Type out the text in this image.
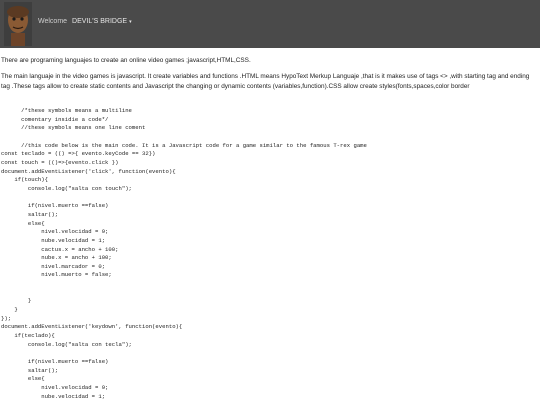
Welcome DEVIL'S BRIDGE ▾

There are programing languajes to create an online video games ;javascript,HTML,CSS.

The main languaje in the video games is javascript. It create variables and functions .HTML means HypoText Merkup Languaje ,that is it makes use of tags <> ,with starting tag and ending tag .These tags allow to create static contents and Javascript the changing or dynamic contents (variables,function).CSS allow create styles(fonts,spaces,color border

/*these symbols means a multiline
comentary insidie a code*/
//these symbols means one line coment

//this code below is the main code. It is a Javascript code for a game similar to the famous T-rex game
const teclado = (() =>{ evento.keyCode == 32})
const touch = (()=>{evento.click })
document.addEventListener('click', function(evento){
if(touch){
console.log("salta con touch");

if(nivel.muerto ==false)
saltar();
else{
nivel.velocidad = 9;
nube.velocidad = 1;
cactus.x = ancho + 100;
nube.x = ancho + 100;
nivel.marcador = 0;
nivel.muerto = false;

}
}
});
document.addEventListener('keydown', function(evento){
if(teclado){
console.log("salta con tecla");

if(nivel.muerto ==false)
saltar();
else{
nivel.velocidad = 9;
nube.velocidad = 1;
